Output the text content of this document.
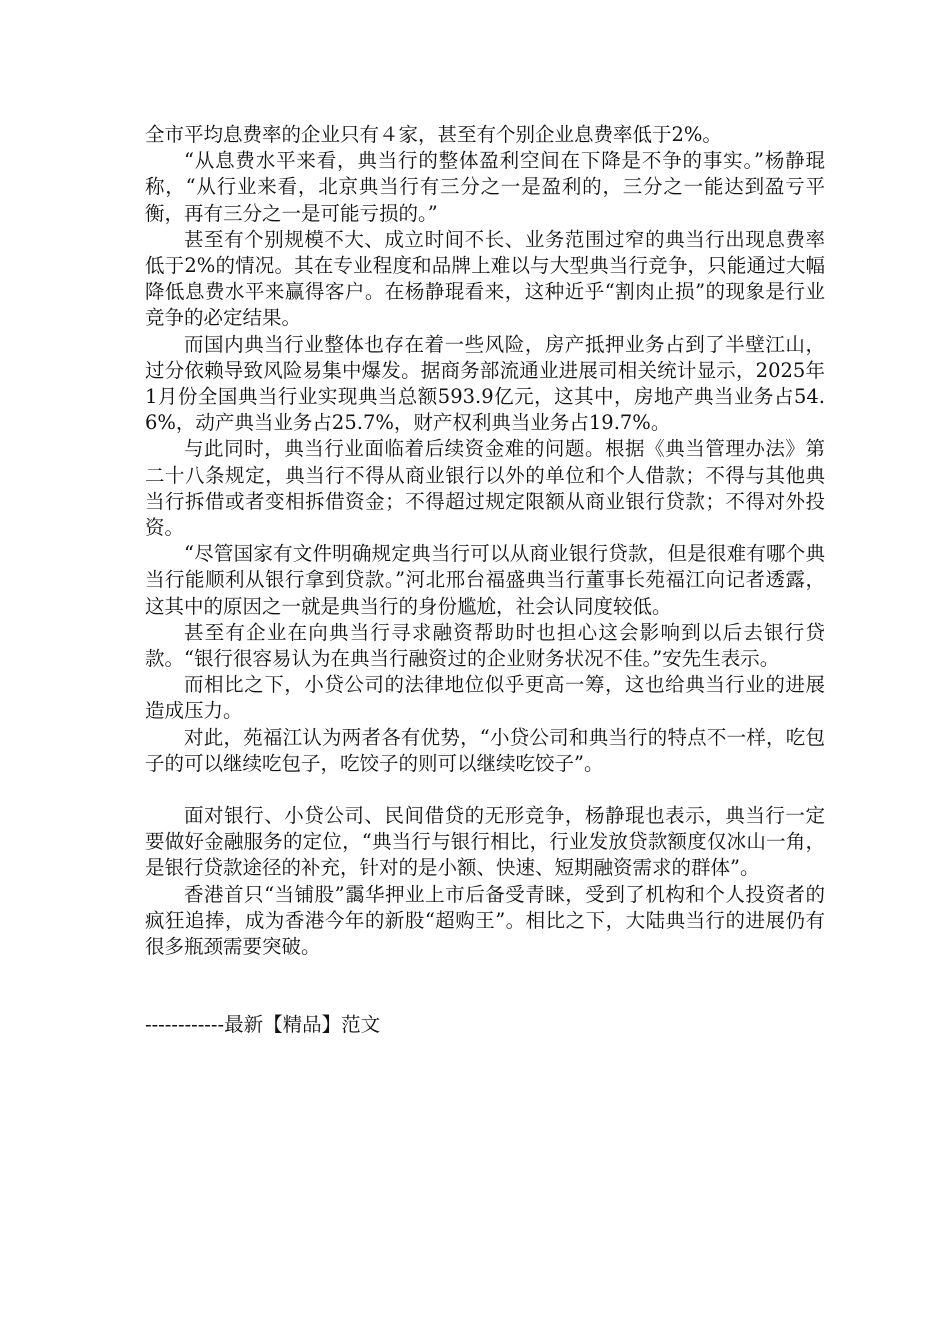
全市平均息费率的企业只有４家，甚至有个别企业息费率低于2%。

“从息费水平来看，典当行的整体盈利空间在下降是不争的事实。”杨静琨称，“从行业来看，北京典当行有三分之一是盈利的，三分之一能达到盈亏平衡，再有三分之一是可能亏损的。”

甚至有个别规模不大、成立时间不长、业务范围过窄的典当行出现息费率低于2%的情况。其在专业程度和品牌上难以与大型典当行竞争，只能通过大幅降低息费水平来赢得客户。在杨静琨看来，这种近乎“割肉止损”的现象是行业竞争的必定结果。

而国内典当行业整体也存在着一些风险，房产抵押业务占到了半壁江山，过分依赖导致风险易集中爆发。据商务部流通业进展司相关统计显示，2025年1月份全国典当行业实现典当总额593.9亿元，这其中，房地产典当业务占54.6%，动产典当业务占25.7%，财产权利典当业务占19.7%。

与此同时，典当行业面临着后续资金难的问题。根据《典当管理办法》第二十八条规定，典当行不得从商业银行以外的单位和个人借款；不得与其他典当行拆借或者变相拆借资金；不得超过规定限额从商业银行贷款；不得对外投资。

“尽管国家有文件明确规定典当行可以从商业银行贷款，但是很难有哪个典当行能顺利从银行拿到贷款。”河北邢台福盛典当行董事长苑福江向记者透露，这其中的原因之一就是典当行的身份尴尬，社会认同度较低。

甚至有企业在向典当行寻求融资帮助时也担心这会影响到以后去银行贷款。“银行很容易认为在典当行融资过的企业财务状况不佳。”安先生表示。

而相比之下，小贷公司的法律地位似乎更高一筹，这也给典当行业的进展造成压力。

对此，苑福江认为两者各有优势，“小贷公司和典当行的特点不一样，吃包子的可以继续吃包子，吃饺子的则可以继续吃饺子”。

面对银行、小贷公司、民间借贷的无形竞争，杨静琨也表示，典当行一定要做好金融服务的定位，“典当行与银行相比，行业发放贷款额度仅冰山一角，是银行贷款途径的补充，针对的是小额、快速、短期融资需求的群体”。

香港首只“当铺股”靄华押业上市后备受青睐，受到了机构和个人投资者的疯狂追捧，成为香港今年的新股“超购王”。相比之下，大陆典当行的进展仍有很多瓶颈需要突破。

------------最新【精品】范文
